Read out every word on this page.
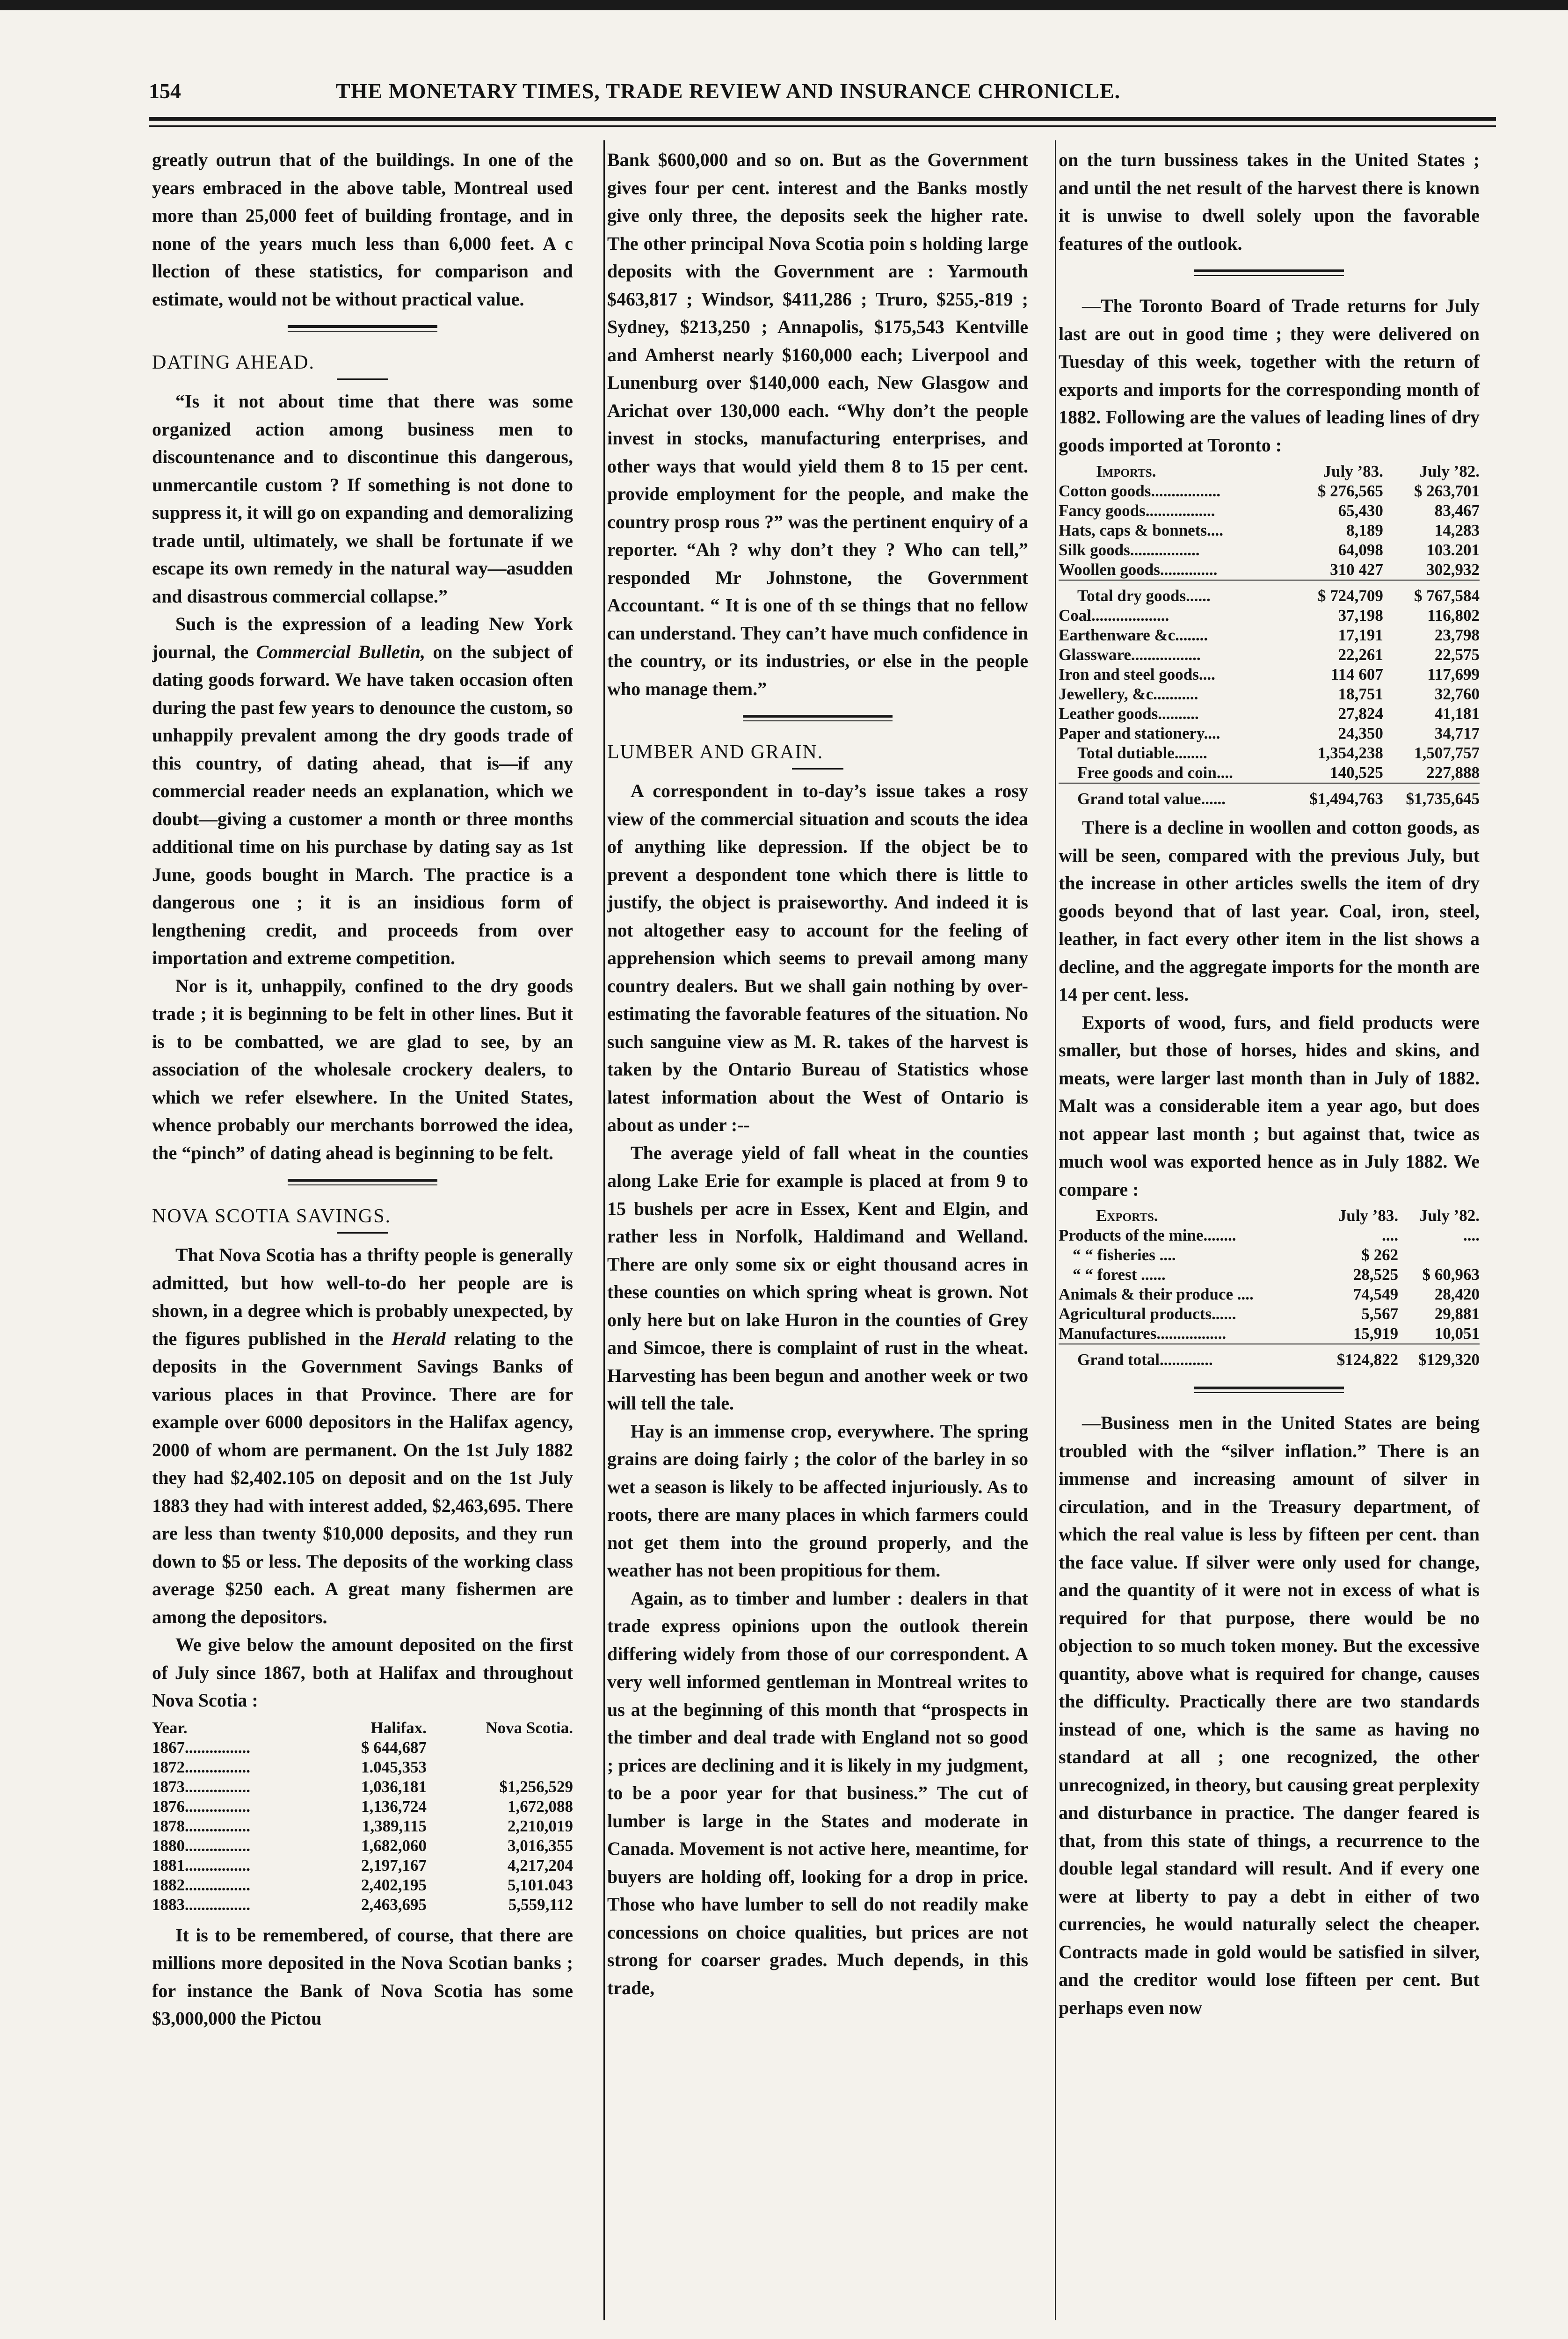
154	THE MONETARY TIMES, TRADE REVIEW AND INSURANCE CHRONICLE.

greatly outrun that of the buildings. In one of the years embraced in the above table, Montreal used more than 25,000 feet of building frontage, and in none of the years much less than 6,000 feet. A c llection of these statistics, for comparison and estimate, would not be without practical value.

DATING AHEAD.

“Is it not about time that there was some organized action among business men to discountenance and to discontinue this dangerous, unmercantile custom ? If something is not done to suppress it, it will go on expanding and demoralizing trade until, ultimately, we shall be fortunate if we escape its own remedy in the natural way—asudden and disastrous commercial collapse.”

Such is the expression of a leading New York journal, the Commercial Bulletin, on the subject of dating goods forward. We have taken occasion often during the past few years to denounce the custom, so unhappily prevalent among the dry goods trade of this country, of dating ahead, that is—if any commercial reader needs an explanation, which we doubt—giving a customer a month or three months additional time on his purchase by dating say as 1st June, goods bought in March. The practice is a dangerous one ; it is an insidious form of lengthening credit, and proceeds from over importation and extreme competition.

Nor is it, unhappily, confined to the dry goods trade ; it is beginning to be felt in other lines. But it is to be combatted, we are glad to see, by an association of the wholesale crockery dealers, to which we refer elsewhere. In the United States, whence probably our merchants borrowed the idea, the “pinch” of dating ahead is beginning to be felt.

NOVA SCOTIA SAVINGS.

That Nova Scotia has a thrifty people is generally admitted, but how well-to-do her people are is shown, in a degree which is probably unexpected, by the figures published in the Herald relating to the deposits in the Government Savings Banks of various places in that Province. There are for example over 6000 depositors in the Halifax agency, 2000 of whom are permanent. On the 1st July 1882 they had $2,402.105 on deposit and on the 1st July 1883 they had with interest added, $2,463,695. There are less than twenty $10,000 deposits, and they run down to $5 or less. The deposits of the working class average $250 each. A great many fishermen are among the depositors.

We give below the amount deposited on the first of July since 1867, both at Halifax and throughout Nova Scotia :

Year.	Halifax.	Nova Scotia.
1867................	$ 644,687	
1872................	1.045,353	
1873................	1,036,181	$1,256,529
1876................	1,136,724	1,672,088
1878................	1,389,115	2,210,019
1880................	1,682,060	3,016,355
1881................	2,197,167	4,217,204
1882................	2,402,195	5,101.043
1883................	2,463,695	5,559,112

It is to be remembered, of course, that there are millions more deposited in the Nova Scotian banks ; for instance the Bank of Nova Scotia has some $3,000,000 the Pictou

Bank $600,000 and so on. But as the Government gives four per cent. interest and the Banks mostly give only three, the deposits seek the higher rate. The other principal Nova Scotia poin s holding large deposits with the Government are : Yarmouth $463,817 ; Windsor, $411,286 ; Truro, $255,-819 ; Sydney, $213,250 ; Annapolis, $175,543 Kentville and Amherst nearly $160,000 each; Liverpool and Lunenburg over $140,000 each, New Glasgow and Arichat over 130,000 each. “Why don’t the people invest in stocks, manufacturing enterprises, and other ways that would yield them 8 to 15 per cent. provide employment for the people, and make the country prosp rous ?” was the pertinent enquiry of a reporter. “Ah ? why don’t they ? Who can tell,” responded Mr Johnstone, the Government Accountant. “ It is one of th se things that no fellow can understand. They can’t have much confidence in the country, or its industries, or else in the people who manage them.”

LUMBER AND GRAIN.

A correspondent in to-day’s issue takes a rosy view of the commercial situation and scouts the idea of anything like depression. If the object be to prevent a despondent tone which there is little to justify, the object is praiseworthy. And indeed it is not altogether easy to account for the feeling of apprehension which seems to prevail among many country dealers. But we shall gain nothing by over-estimating the favorable features of the situation. No such sanguine view as M. R. takes of the harvest is taken by the Ontario Bureau of Statistics whose latest information about the West of Ontario is about as under :--

The average yield of fall wheat in the counties along Lake Erie for example is placed at from 9 to 15 bushels per acre in Essex, Kent and Elgin, and rather less in Norfolk, Haldimand and Welland. There are only some six or eight thousand acres in these counties on which spring wheat is grown. Not only here but on lake Huron in the counties of Grey and Simcoe, there is complaint of rust in the wheat. Harvesting has been begun and another week or two will tell the tale.

Hay is an immense crop, everywhere. The spring grains are doing fairly ; the color of the barley in so wet a season is likely to be affected injuriously. As to roots, there are many places in which farmers could not get them into the ground properly, and the weather has not been propitious for them.

Again, as to timber and lumber : dealers in that trade express opinions upon the outlook therein differing widely from those of our correspondent. A very well informed gentleman in Montreal writes to us at the beginning of this month that “prospects in the timber and deal trade with England not so good ; prices are declining and it is likely in my judgment, to be a poor year for that business.” The cut of lumber is large in the States and moderate in Canada. Movement is not active here, meantime, for buyers are holding off, looking for a drop in price. Those who have lumber to sell do not readily make concessions on choice qualities, but prices are not strong for coarser grades. Much depends, in this trade,

on the turn bussiness takes in the United States ; and until the net result of the harvest there is known it is unwise to dwell solely upon the favorable features of the outlook.

—The Toronto Board of Trade returns for July last are out in good time ; they were delivered on Tuesday of this week, together with the return of exports and imports for the corresponding month of 1882. Following are the values of leading lines of dry goods imported at Toronto :

Imports.	July ’83.	July ’82.
Cotton goods.................	$ 276,565	$ 263,701
Fancy goods.................	65,430	83,467
Hats, caps & bonnets....	8,189	14,283
Silk goods.................	64,098	103.201
Woollen goods..............	310 427	302,932
Total dry goods......	$ 724,709	$ 767,584
Coal...................	37,198	116,802
Earthenware &c........	17,191	23,798
Glassware.................	22,261	22,575
Iron and steel goods....	114 607	117,699
Jewellery, &c...........	18,751	32,760
Leather goods..........	27,824	41,181
Paper and stationery....	24,350	34,717
Total dutiable........	1,354,238	1,507,757
Free goods and coin....	140,525	227,888
Grand total value......	$1,494,763	$1,735,645

There is a decline in woollen and cotton goods, as will be seen, compared with the previous July, but the increase in other articles swells the item of dry goods beyond that of last year. Coal, iron, steel, leather, in fact every other item in the list shows a decline, and the aggregate imports for the month are 14 per cent. less.

Exports of wood, furs, and field products were smaller, but those of horses, hides and skins, and meats, were larger last month than in July of 1882. Malt was a considerable item a year ago, but does not appear last month ; but against that, twice as much wool was exported hence as in July 1882. We compare :

Exports.	July ’83.	July ’82.
Products of the mine........	....	....
“ “ fisheries ....	$ 262	
“ “ forest ......	28,525	$ 60,963
Animals & their produce ....	74,549	28,420
Agricultural products......	5,567	29,881
Manufactures.................	15,919	10,051
Grand total.............	$124,822	$129,320

—Business men in the United States are being troubled with the “silver inflation.” There is an immense and increasing amount of silver in circulation, and in the Treasury department, of which the real value is less by fifteen per cent. than the face value. If silver were only used for change, and the quantity of it were not in excess of what is required for that purpose, there would be no objection to so much token money. But the excessive quantity, above what is required for change, causes the difficulty. Practically there are two standards instead of one, which is the same as having no standard at all ; one recognized, the other unrecognized, in theory, but causing great perplexity and disturbance in practice. The danger feared is that, from this state of things, a recurrence to the double legal standard will result. And if every one were at liberty to pay a debt in either of two currencies, he would naturally select the cheaper. Contracts made in gold would be satisfied in silver, and the creditor would lose fifteen per cent. But perhaps even now
